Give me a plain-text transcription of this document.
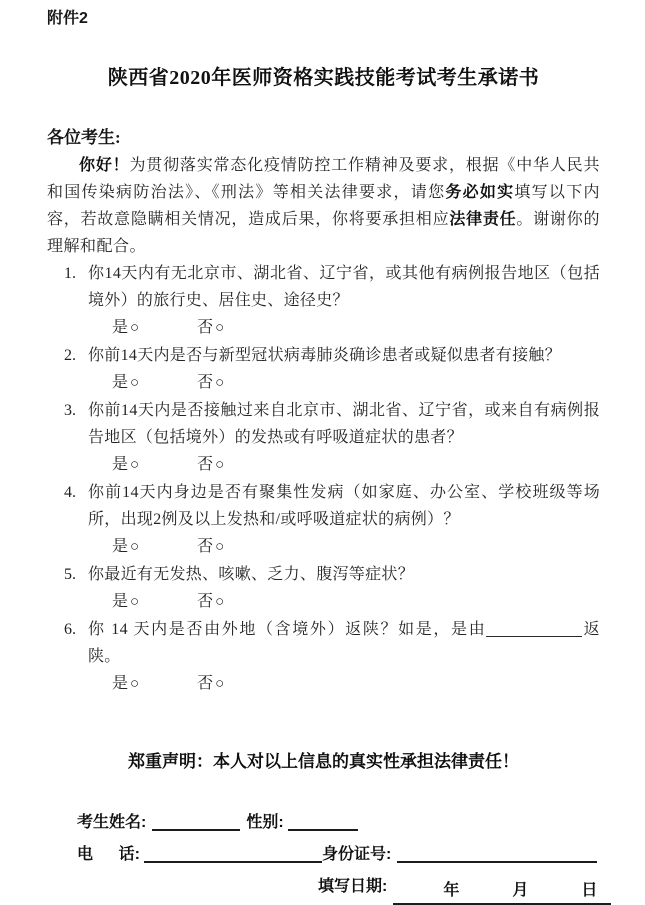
附件2
陕西省2020年医师资格实践技能考试考生承诺书
各位考生:

你好！为贯彻落实常态化疫情防控工作精神及要求，根据《中华人民共和国传染病防治法》、《刑法》等相关法律要求，请您务必如实填写以下内容，若故意隐瞒相关情况，造成后果，你将要承担相应法律责任。谢谢你的理解和配合。

1. 你14天内有无北京市、湖北省、辽宁省，或其他有病例报告地区（包括境外）的旅行史、居住史、途径史？
是 ○	否 ○
2. 你前14天内是否与新型冠状病毒肺炎确诊患者或疑似患者有接触？
是 ○	否 ○
3. 你前14天内是否接触过来自北京市、湖北省、辽宁省，或来自有病例报告地区（包括境外）的发热或有呼吸道症状的患者？
是 ○	否 ○
4. 你前14天内身边是否有聚集性发病（如家庭、办公室、学校班级等场所，出现2例及以上发热和/或呼吸道症状的病例）？
是 ○	否 ○
5. 你最近有无发热、咳嗽、乏力、腹泻等症状？
是 ○	否 ○
6. 你 14 天内是否由外地（含境外）返陕？如是，是由	返陕。
是 ○	否 ○
郑重声明：本人对以上信息的真实性承担法律责任！
考生姓名:	性别:
电 话:	身份证号:
填写日期:	年	月	日
